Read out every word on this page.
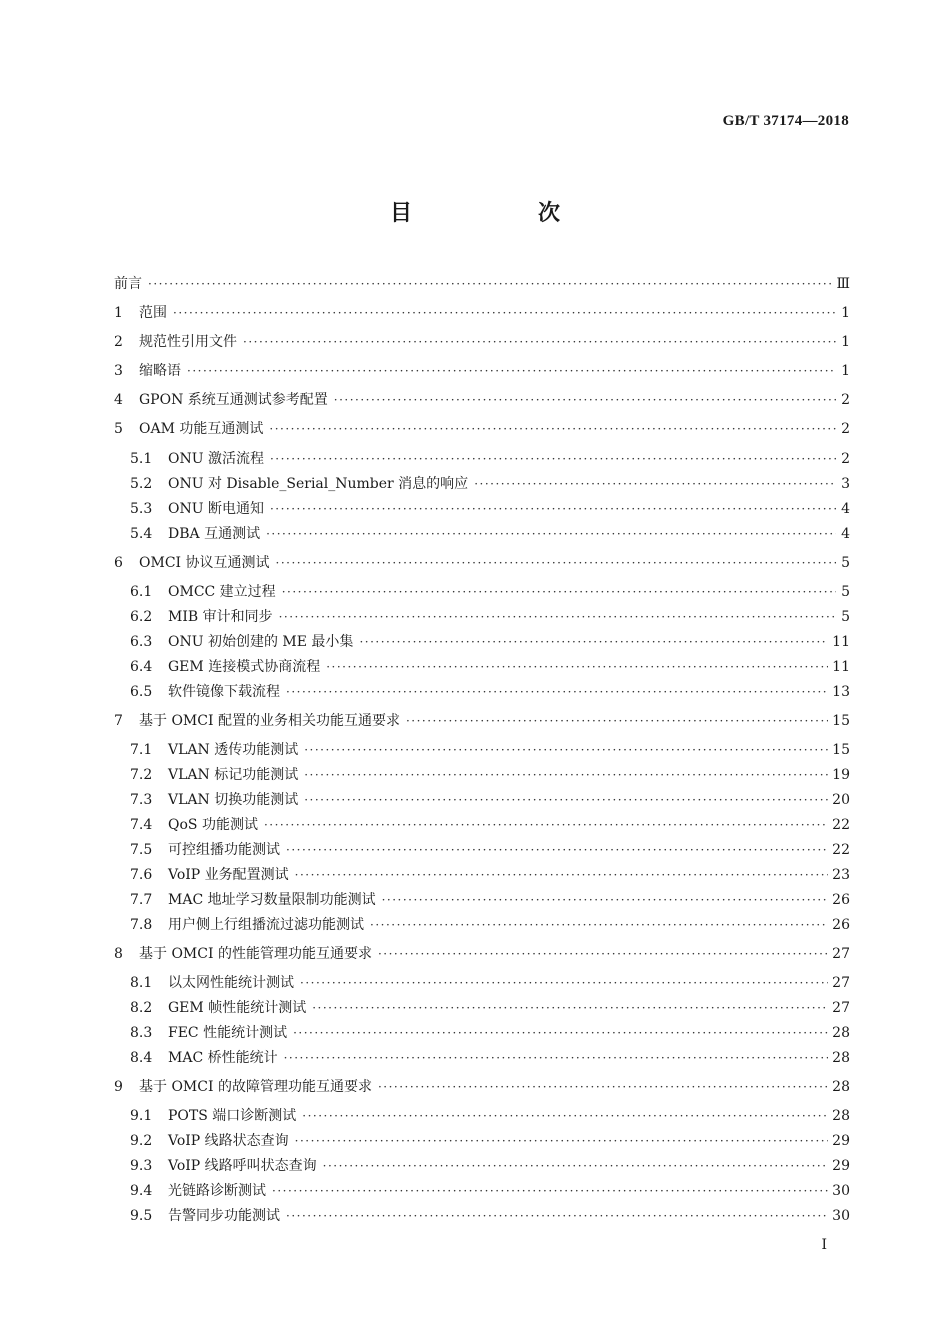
GB/T 37174—2018
目　次
前言 ·····	Ⅲ
1	范围 ·····	1
2	规范性引用文件 ·····	1
3	缩略语 ·····	1
4	GPON 系统互通测试参考配置 ·····	2
5	OAM 功能互通测试 ·····	2
5.1	ONU 激活流程 ·····	2
5.2	ONU 对 Disable_Serial_Number 消息的响应 ·····	3
5.3	ONU 断电通知 ·····	4
5.4	DBA 互通测试 ·····	4
6	OMCI 协议互通测试 ·····	5
6.1	OMCC 建立过程 ·····	5
6.2	MIB 审计和同步 ·····	5
6.3	ONU 初始创建的 ME 最小集 ·····	11
6.4	GEM 连接模式协商流程 ·····	11
6.5	软件镜像下载流程 ·····	13
7	基于 OMCI 配置的业务相关功能互通要求 ·····	15
7.1	VLAN 透传功能测试 ·····	15
7.2	VLAN 标记功能测试 ·····	19
7.3	VLAN 切换功能测试 ·····	20
7.4	QoS 功能测试 ·····	22
7.5	可控组播功能测试 ·····	22
7.6	VoIP 业务配置测试 ·····	23
7.7	MAC 地址学习数量限制功能测试 ·····	26
7.8	用户侧上行组播流过滤功能测试 ·····	26
8	基于 OMCI 的性能管理功能互通要求 ·····	27
8.1	以太网性能统计测试 ·····	27
8.2	GEM 帧性能统计测试 ·····	27
8.3	FEC 性能统计测试 ·····	28
8.4	MAC 桥性能统计 ·····	28
9	基于 OMCI 的故障管理功能互通要求 ·····	28
9.1	POTS 端口诊断测试 ·····	28
9.2	VoIP 线路状态查询 ·····	29
9.3	VoIP 线路呼叫状态查询 ·····	29
9.4	光链路诊断测试 ·····	30
9.5	告警同步功能测试 ·····	30
I
